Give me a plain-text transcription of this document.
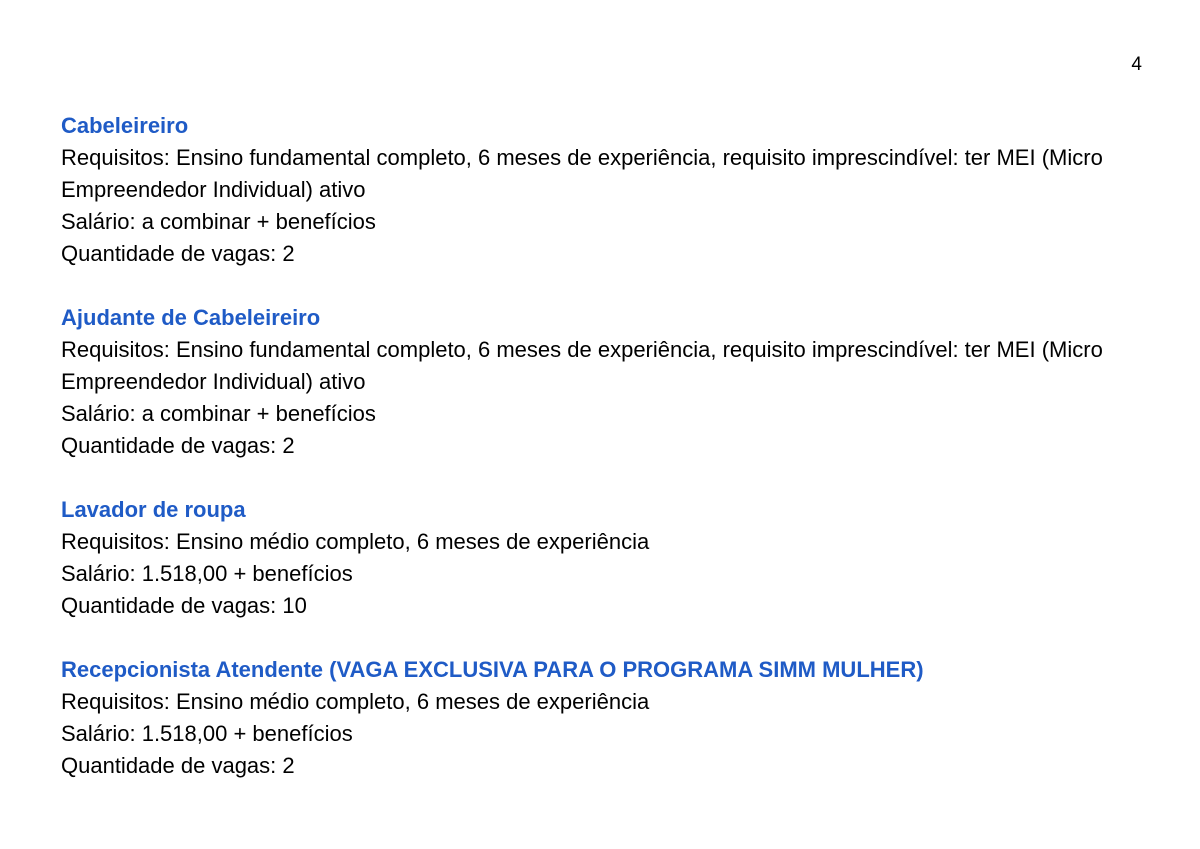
4
Cabeleireiro
Requisitos: Ensino fundamental completo, 6 meses de experiência, requisito imprescindível: ter MEI (Micro Empreendedor Individual) ativo
Salário: a combinar + benefícios
Quantidade de vagas: 2
Ajudante de Cabeleireiro
Requisitos: Ensino fundamental completo, 6 meses de experiência, requisito imprescindível: ter MEI (Micro Empreendedor Individual) ativo
Salário: a combinar + benefícios
Quantidade de vagas: 2
Lavador de roupa
Requisitos: Ensino médio completo, 6 meses de experiência
Salário: 1.518,00 + benefícios
Quantidade de vagas: 10
Recepcionista Atendente (VAGA EXCLUSIVA PARA O PROGRAMA SIMM MULHER)
Requisitos: Ensino médio completo, 6 meses de experiência
Salário: 1.518,00 + benefícios
Quantidade de vagas: 2
